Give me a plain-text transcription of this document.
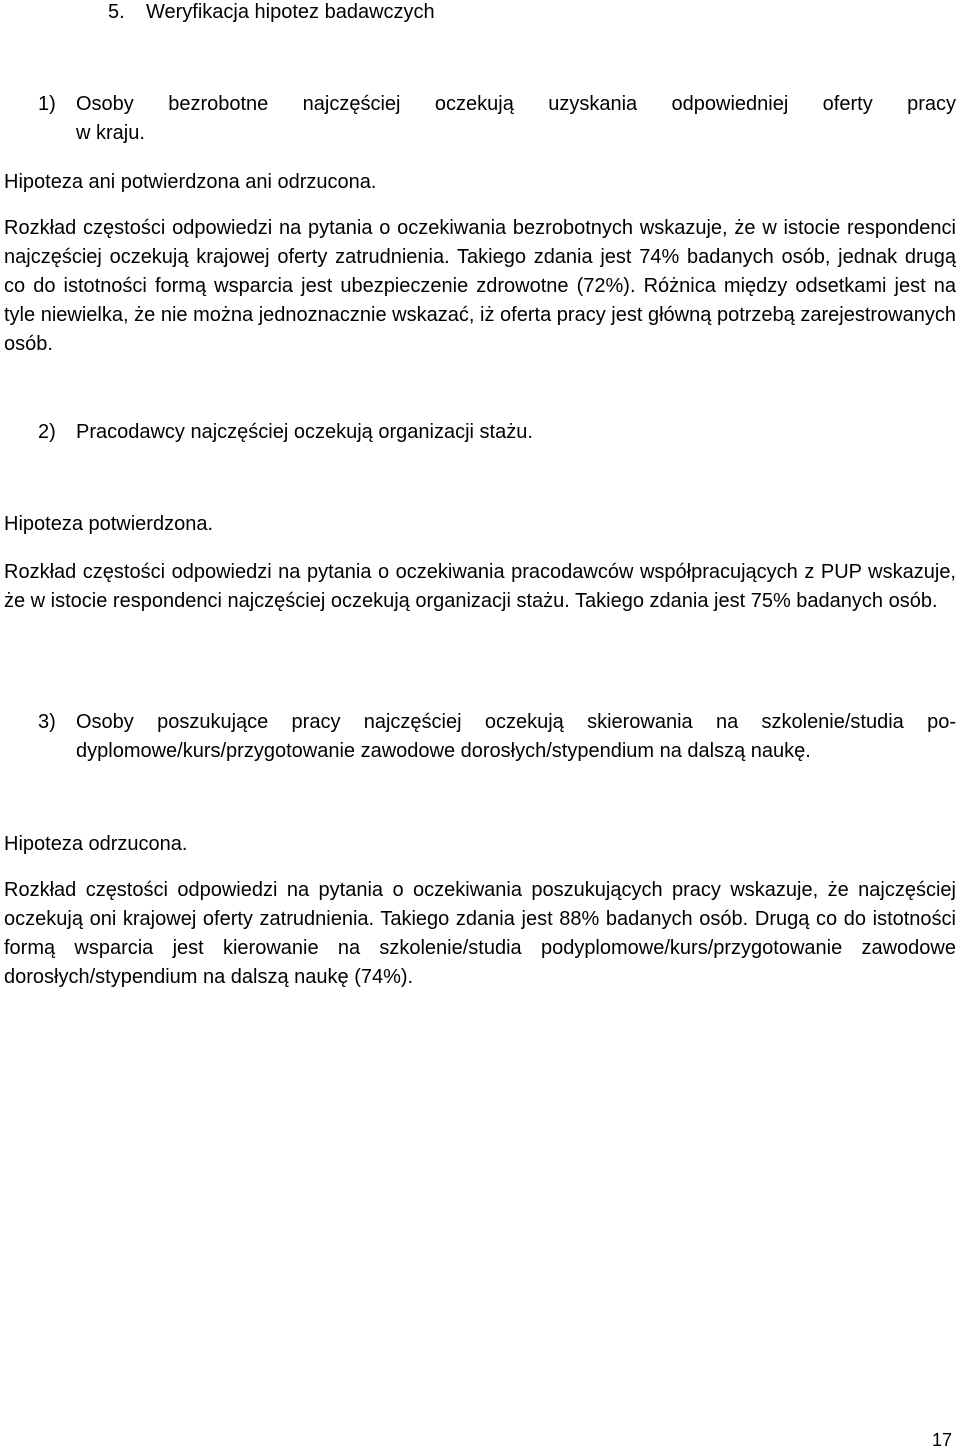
5. Weryfikacja hipotez badawczych
1) Osoby bezrobotne najczęściej oczekują uzyskania odpowiedniej oferty pracy
w kraju.
Hipoteza ani potwierdzona ani odrzucona.
Rozkład częstości odpowiedzi na pytania o oczekiwania bezrobotnych wskazuje, że w istocie respondenci najczęściej oczekują krajowej oferty zatrudnienia. Takiego zdania jest 74% badanych osób, jednak drugą co do istotności formą wsparcia jest ubezpieczenie zdrowotne (72%). Różnica między odsetkami jest na tyle niewielka, że nie można jednoznacznie wskazać, iż oferta pracy jest główną potrzebą zarejestrowanych osób.
2) Pracodawcy najczęściej oczekują organizacji stażu.
Hipoteza potwierdzona.
Rozkład częstości odpowiedzi na pytania o oczekiwania pracodawców współpracujących z PUP wskazuje, że w istocie respondenci najczęściej oczekują organizacji stażu. Takiego zdania jest 75% badanych osób.
3) Osoby poszukujące pracy najczęściej oczekują skierowania na szkolenie/studia po-
dyplomowe/kurs/przygotowanie zawodowe dorosłych/stypendium na dalszą naukę.
Hipoteza odrzucona.
Rozkład częstości odpowiedzi na pytania o oczekiwania poszukujących pracy wskazuje, że najczęściej oczekują oni krajowej oferty zatrudnienia. Takiego zdania jest 88% badanych osób. Drugą co do istotności formą wsparcia jest kierowanie na szkolenie/studia podyplomowe/kurs/przygotowanie zawodowe dorosłych/stypendium na dalszą naukę (74%).
17
